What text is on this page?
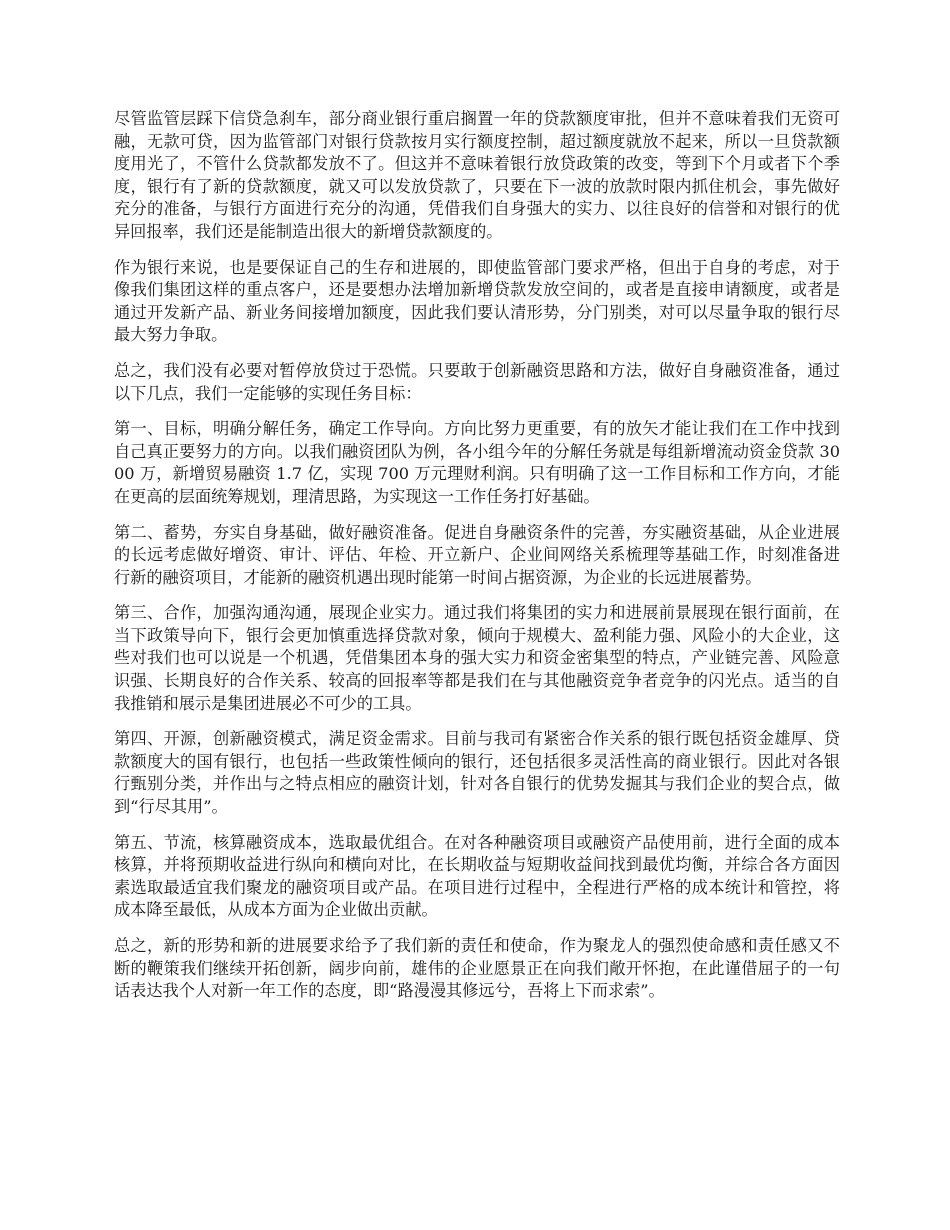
尽管监管层踩下信贷急刹车，部分商业银行重启搁置一年的贷款额度审批，但并不意味着我们无资可融，无款可贷，因为监管部门对银行贷款按月实行额度控制，超过额度就放不起来，所以一旦贷款额度用光了，不管什么贷款都发放不了。但这并不意味着银行放贷政策的改变，等到下个月或者下个季度，银行有了新的贷款额度，就又可以发放贷款了，只要在下一波的放款时限内抓住机会，事先做好充分的准备，与银行方面进行充分的沟通，凭借我们自身强大的实力、以往良好的信誉和对银行的优异回报率，我们还是能制造出很大的新增贷款额度的。

作为银行来说，也是要保证自己的生存和进展的，即使监管部门要求严格，但出于自身的考虑，对于像我们集团这样的重点客户，还是要想办法增加新增贷款发放空间的，或者是直接申请额度，或者是通过开发新产品、新业务间接增加额度，因此我们要认清形势，分门别类，对可以尽量争取的银行尽最大努力争取。

总之，我们没有必要对暂停放贷过于恐慌。只要敢于创新融资思路和方法，做好自身融资准备，通过以下几点，我们一定能够的实现任务目标：

第一、目标，明确分解任务，确定工作导向。方向比努力更重要，有的放矢才能让我们在工作中找到自己真正要努力的方向。以我们融资团队为例，各小组今年的分解任务就是每组新增流动资金贷款 3000 万，新增贸易融资 1.7 亿，实现 700 万元理财利润。只有明确了这一工作目标和工作方向，才能在更高的层面统筹规划，理清思路，为实现这一工作任务打好基础。

第二、蓄势，夯实自身基础，做好融资准备。促进自身融资条件的完善，夯实融资基础，从企业进展的长远考虑做好增资、审计、评估、年检、开立新户、企业间网络关系梳理等基础工作，时刻准备进行新的融资项目，才能新的融资机遇出现时能第一时间占据资源，为企业的长远进展蓄势。

第三、合作，加强沟通沟通，展现企业实力。通过我们将集团的实力和进展前景展现在银行面前，在当下政策导向下，银行会更加慎重选择贷款对象，倾向于规模大、盈利能力强、风险小的大企业，这些对我们也可以说是一个机遇，凭借集团本身的强大实力和资金密集型的特点，产业链完善、风险意识强、长期良好的合作关系、较高的回报率等都是我们在与其他融资竞争者竞争的闪光点。适当的自我推销和展示是集团进展必不可少的工具。

第四、开源，创新融资模式，满足资金需求。目前与我司有紧密合作关系的银行既包括资金雄厚、贷款额度大的国有银行，也包括一些政策性倾向的银行，还包括很多灵活性高的商业银行。因此对各银行甄别分类，并作出与之特点相应的融资计划，针对各自银行的优势发掘其与我们企业的契合点，做到“行尽其用”。

第五、节流，核算融资成本，选取最优组合。在对各种融资项目或融资产品使用前，进行全面的成本核算，并将预期收益进行纵向和横向对比，在长期收益与短期收益间找到最优均衡，并综合各方面因素选取最适宜我们聚龙的融资项目或产品。在项目进行过程中，全程进行严格的成本统计和管控，将成本降至最低，从成本方面为企业做出贡献。

总之，新的形势和新的进展要求给予了我们新的责任和使命，作为聚龙人的强烈使命感和责任感又不断的鞭策我们继续开拓创新，阔步向前，雄伟的企业愿景正在向我们敞开怀抱，在此谨借屈子的一句话表达我个人对新一年工作的态度，即“路漫漫其修远兮，吾将上下而求索”。
